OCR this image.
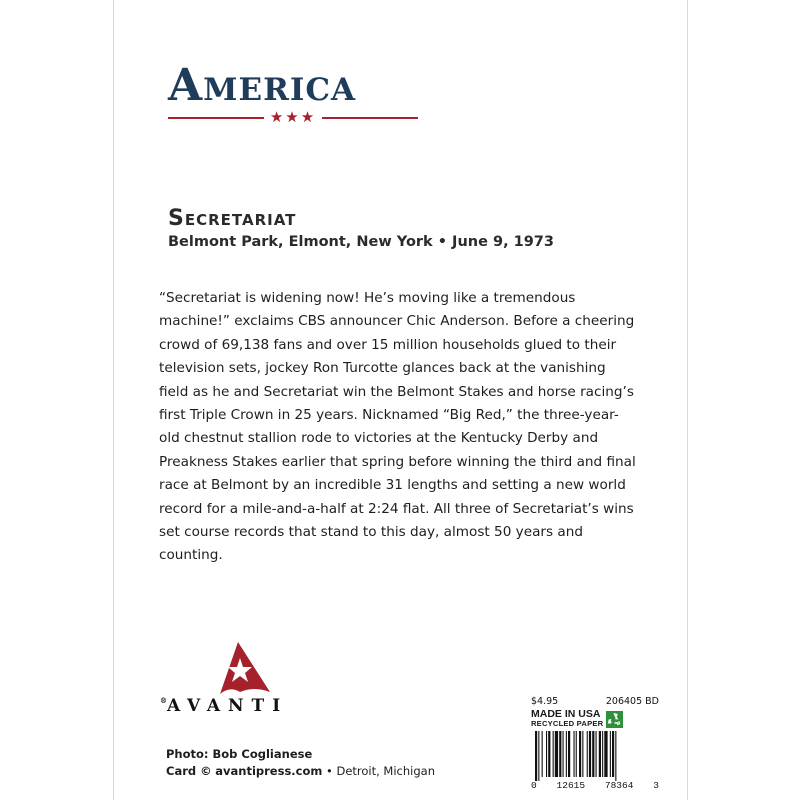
America
★★★
Secretariat
Belmont Park, Elmont, New York • June 9, 1973
“Secretariat is widening now! He’s moving like a tremendous machine!” exclaims CBS announcer Chic Anderson. Before a cheering crowd of 69,138 fans and over 15 million households glued to their television sets, jockey Ron Turcotte glances back at the vanishing field as he and Secretariat win the Belmont Stakes and horse racing’s first Triple Crown in 25 years. Nicknamed “Big Red,” the three-year-old chestnut stallion rode to victories at the Kentucky Derby and Preakness Stakes earlier that spring before winning the third and final race at Belmont by an incredible 31 lengths and setting a new world record for a mile-and-a-half at 2:24 flat. All three of Secretariat’s wins set course records that stand to this day, almost 50 years and counting.
®AVANTI
Photo: Bob Coglianese
Card © avantipress.com • Detroit, Michigan
$4.95	206405 BD
MADE IN USA
RECYCLED PAPER
0 12615 78364 3
